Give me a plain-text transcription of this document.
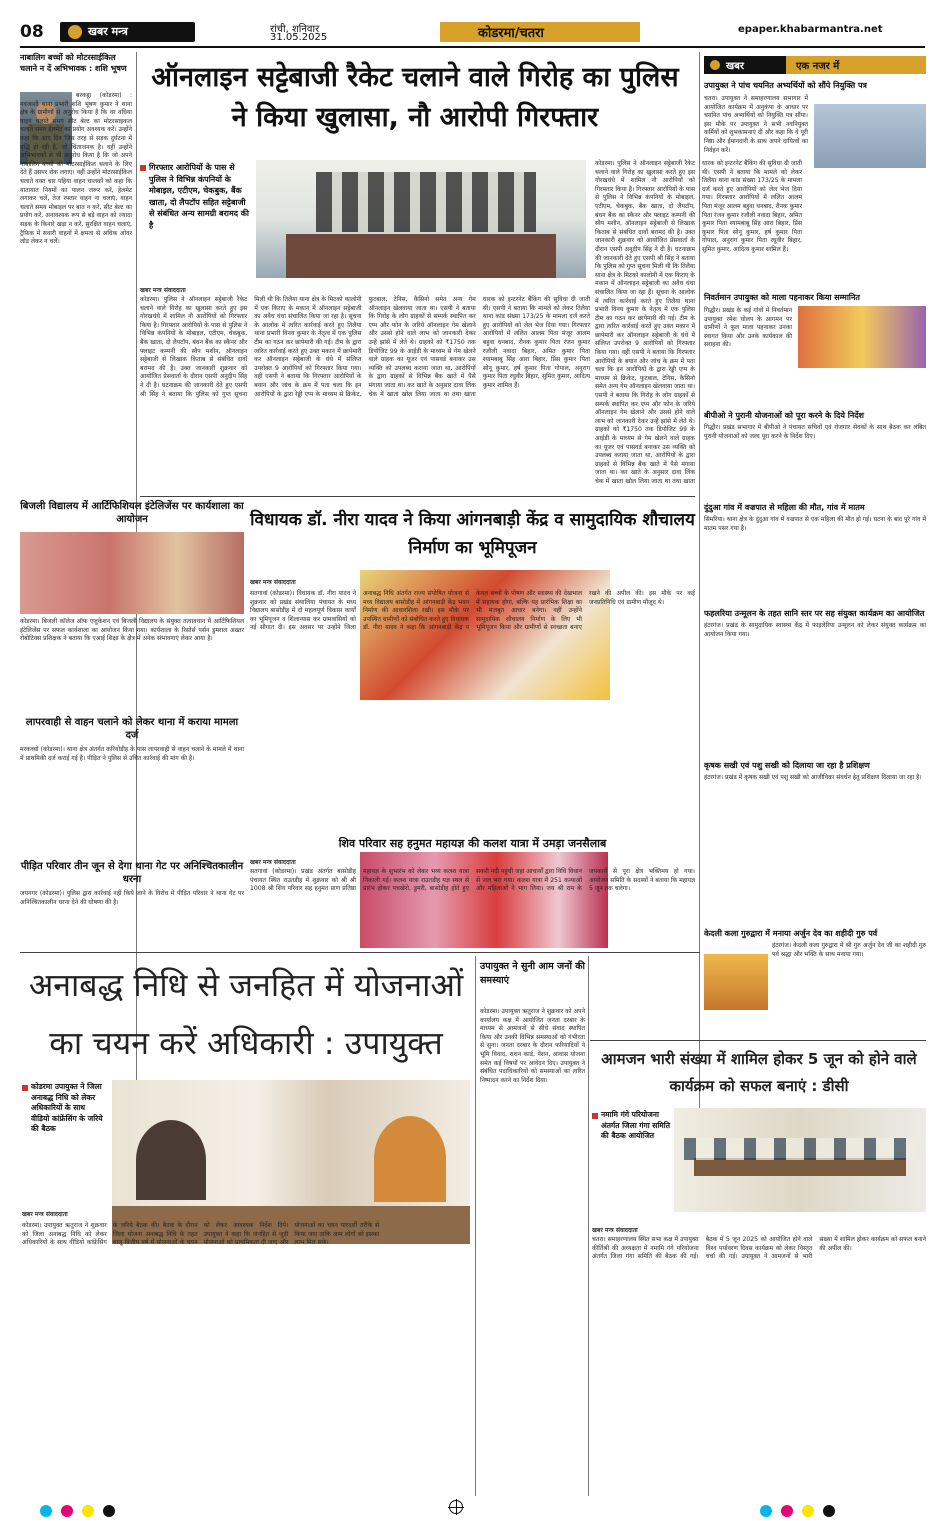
08	खबर मन्त्र	रांची, शनिवार
31.05.2025	कोडरमा/चतरा	epaper.khabarmantra.net
नाबालिग बच्चों को मोटरसाईकिल चलाने न दें अभिभावक : शशि भूषण
बरकट्ठा (कोडरमा) : नवजाशी थाना प्रभारी शशि भूषण कुमार ने थाना क्षेत्र के ग्रामीणों से अनुरोध किया है कि वर वधिया वाहन चलाते समय सीट बेल्ट का मोटरसाइकल चलाते समय हेलमेट का प्रयोग अवश्यक करें। उन्होंने कहा कि आए दिन जिस तरह से सड़क दुर्घटना में वृद्धि हो रही है, जो चिंताजनक है। वहीं उन्होंने अभिभावकों से भी अनुरोध किया है कि जो अपने नाबालिग बच्चों को मोटरसाईकिल चलाने के लिए देते हैं उसपर रोक लगाए। वहीं उन्होंने मोटरसाईकिल चलाते वक्त चार पहिया वाहन चालकों को कहा कि यातायात नियमों का पालन जरूर करें, हेलमेट लगाकर चलें, तेज रफ्तार वाहन ना चलाएं, वाहन चलाते समय मोबाइल पर बात न करें, सीट बेल्ट का प्रयोग करें, अनावश्यक रूप से बड़े वाहन को ज्यादा सड़क के किनारे खड़ा न करें, सुरक्षित वाहन चलाएं, ट्रैफ़िक में सवारी वाहनों में क्षमता से अधिक ओवर लोड लेकर न चलें।
बिजली विद्यालय में आर्टिफिशियल इंटेलिजेंस पर कार्यशाला का आयोजन
कोडरमा। बिजली कॉलेज ऑफ एजुकेशन एवं बिजली विद्यालय के संयुक्त तत्वावधान में आर्टिफिशियल इंटेलिजेंस पर सफल कार्यशाला का आयोजन किया गया। कार्यशाला के रिसोर्स पर्सन डुमराल अख्तर रोबोटिक्स प्रशिक्षक ने बताया कि एआई शिक्षा के क्षेत्र में अनेक संभावनाएं लेकर आया है।
लापरवाही से वाहन चलाने को लेकर थाना में कराया मामला दर्ज
मरकच्चो (कोडरमा)। थाना क्षेत्र अंतर्गत करियोडीह के पास लापरवाही से वाहन चलाने के मामले में थाना में प्राथमिकी दर्ज कराई गई है। पीड़ित ने पुलिस से उचित कार्रवाई की मांग की है।
पीड़ित परिवार तीन जून से देगा थाना गेट पर अनिश्चितकालीन धरना
जयनगर (कोडरमा)। पुलिस द्वारा कार्रवाई नहीं किये जाने के विरोध में पीड़ित परिवार ने थाना गेट पर अनिश्चितकालीन धरना देने की घोषणा की है।
ऑनलाइन सट्टेबाजी रैकेट चलाने वाले गिरोह का पुलिस ने किया खुलासा, नौ आरोपी गिरफ्तार
गिरफ्तार आरोपियों के पास से पुलिस ने विभिन्न कंपनियों के मोबाइल, एटीएम, चेकबुक, बैंक खाता, दो लैपटॉप सहित सट्टेबाजी से संबंधित अन्य सामग्री बरामद की है
खबर मन्त्र संवाददाता
कोडरमा। पुलिस ने ऑनलाइन सट्टेबाजी रैकेट चलाने वाले गिरोह का खुलासा करते हुए इस गोरखधंधे में शामिल नौ आरोपियों को गिरफ्तार किया है। गिरफ्तार आरोपियों के पास से पुलिस ने विभिन्न कंपनियों के मोबाइल, एटीएम, चेकबुक, बैंक खाता, दो लैपटॉप, बंधन बैंक का स्कैनर और फ्लाइट कम्पनी की स्वैप मशीन, ऑनलाइन सट्टेबाजी से लिखाक किताब से संबंधित दावों बरामद की है। उक्त जानकारी शुक्रवार को आयोजित प्रेसवार्ता के दौरान एसपी अनुदीप सिंह ने दी है। घटनाक्रम की जानकारी देते हुए एसपी श्री सिंह ने बताया कि पुलिस को गुप्त सूचना मिली थी कि तिलैया थाना क्षेत्र के मिटको कालोनी में एक किराए के मकान में ऑनलाइन सट्टेबाजी का अवैध धंधा संचालित किया जा रहा है। सूचना के आलोक में त्वरित कार्रवाई करते हुए तिलैया थाना प्रभारी विनय कुमार के नेतृत्व में एक पुलिस टीम का गठन कर छापेमारी की गई। टीम के द्वारा त्वरित कार्रवाई करते हुए उक्त मकान में छापेमारी कर ऑनलाइन सट्टेबाजी के धंधे में संलिप्त उपरोक्त 9 आरोपियों को गिरफ्तार किया गया। वहीं एसपी ने बताया कि गिरफ्तार आरोपियों के बयान और जांच के क्रम में पता चला कि इन आरोपियों के द्वारा रेड्डी एप्प के माध्यम से क्रिकेट, फुटबाल, टेनिस, कैसिनो समेत अन्य गेम ऑनलाइन खेलवाया जाता था। एसपी ने बताया कि गिरोह के लोग ग्राहकों से सम्पर्क स्थापित कर एप्प और फोन के जरिये ऑनलाइन गेम खेलाने और उससे होने वाले लाभ को जानकारी देकर उन्हें झांसे में लेते थे। ग्राहकों को ₹1750 तक डिपोजिट 99 के आईडी के माध्यम से गेम खेलने वाले ग्राहक का यूजर एवं पासवर्ड बनाकर उस व्यक्ति को उपलब्ध कराया जाता था, आरोपियों के द्वारा ग्राहकों से विभिन्न बैंक खाते में पैसे मंगाया जाता था। कर खाते के अनुसार दावा लिंक चेक में खाता खोल लिया जाता था तथा खाता धारक को इन्टरनेट बैंकिंग की सुविधा दी जाती थी। एसपी ने बताया कि मामले को लेकर तिलैया थाना कांड संख्या 173/25 के मामला दर्ज करते हुए आरोपियों को जेल भेज दिया गया। गिरफ्तार आरोपियों में ललित आलम पिता मंजूर आलम बहुवा धनबाद, रौनक कुमार पिता रंजन कुमार रजौली नवादा बिहार, अमित कुमार पिता श्यामबाबू सिंह आरा बिहार, प्रिंस कुमार पिता सोनू कुमार, हर्ष कुमार पिता गोपाल, अनुराग कुमार पिता रघुवीर बिहार, सुमित कुमार, आदित्य कुमार शामिल हैं।
कोडरमा। पुलिस ने ऑनलाइन सट्टेबाजी रैकेट चलाने वाले गिरोह का खुलासा करते हुए इस गोरखधंधे में शामिल नौ आरोपियों को गिरफ्तार किया है। गिरफ्तार आरोपियों के पास से पुलिस ने विभिन्न कंपनियों के मोबाइल, एटीएम, चेकबुक, बैंक खाता, दो लैपटॉप, बंधन बैंक का स्कैनर और फ्लाइट कम्पनी की स्वैप मशीन, ऑनलाइन सट्टेबाजी से लिखाक किताब से संबंधित दावों बरामद की है। उक्त जानकारी शुक्रवार को आयोजित प्रेसवार्ता के दौरान एसपी अनुदीप सिंह ने दी है। घटनाक्रम की जानकारी देते हुए एसपी श्री सिंह ने बताया कि पुलिस को गुप्त सूचना मिली थी कि तिलैया थाना क्षेत्र के मिटको कालोनी में एक किराए के मकान में ऑनलाइन सट्टेबाजी का अवैध धंधा संचालित किया जा रहा है। सूचना के आलोक में त्वरित कार्रवाई करते हुए तिलैया थाना प्रभारी विनय कुमार के नेतृत्व में एक पुलिस टीम का गठन कर छापेमारी की गई। टीम के द्वारा त्वरित कार्रवाई करते हुए उक्त मकान में छापेमारी कर ऑनलाइन सट्टेबाजी के धंधे में संलिप्त उपरोक्त 9 आरोपियों को गिरफ्तार किया गया। वहीं एसपी ने बताया कि गिरफ्तार आरोपियों के बयान और जांच के क्रम में पता चला कि इन आरोपियों के द्वारा रेड्डी एप्प के माध्यम से क्रिकेट, फुटबाल, टेनिस, कैसिनो समेत अन्य गेम ऑनलाइन खेलवाया जाता था। एसपी ने बताया कि गिरोह के लोग ग्राहकों से सम्पर्क स्थापित कर एप्प और फोन के जरिये ऑनलाइन गेम खेलाने और उससे होने वाले लाभ को जानकारी देकर उन्हें झांसे में लेते थे। ग्राहकों को ₹1750 तक डिपोजिट 99 के आईडी के माध्यम से गेम खेलने वाले ग्राहक का यूजर एवं पासवर्ड बनाकर उस व्यक्ति को उपलब्ध कराया जाता था, आरोपियों के द्वारा ग्राहकों से विभिन्न बैंक खाते में पैसे मंगाया जाता था। कर खाते के अनुसार दावा लिंक चेक में खाता खोल लिया जाता था तथा खाता धारक को इन्टरनेट बैंकिंग की सुविधा दी जाती थी। एसपी ने बताया कि मामले को लेकर तिलैया थाना कांड संख्या 173/25 के मामला दर्ज करते हुए आरोपियों को जेल भेज दिया गया। गिरफ्तार आरोपियों में ललित आलम पिता मंजूर आलम बहुवा धनबाद, रौनक कुमार पिता रंजन कुमार रजौली नवादा बिहार, अमित कुमार पिता श्यामबाबू सिंह आरा बिहार, प्रिंस कुमार पिता सोनू कुमार, हर्ष कुमार पिता गोपाल, अनुराग कुमार पिता रघुवीर बिहार, सुमित कुमार, आदित्य कुमार शामिल हैं।
विधायक डॉ. नीरा यादव ने किया आंगनबाड़ी केंद्र व सामुदायिक शौचालय निर्माण का भूमिपूजन
खबर मन्त्र संवाददाता
सतगावां (कोडरमा)। विधायक डॉ. नीरा यादव ने शुक्रवार को प्रखंड संथालिया पंचायत के मध्य विद्यालय बासोडीह में दो महत्वपूर्ण विकास कार्यों का भूमिपूजन व शिलान्यास कर ग्रामवासियों को नई सौगात दी। इस अवसर पर उन्होंने जिला अनाबद्ध निधि अंतर्गत राज्य संपोषित योजना से मध्य विद्यालय बासोडीह में आंगनबाड़ी केंद्र भवन निर्माण की आधारशिला रखी। इस मौके पर उपस्थित ग्रामीणों को संबोधित करते हुए विधायक डॉ. नीरा यादव ने कहा कि आंगनबाड़ी केंद्र न केवल बच्चों के पोषण और स्वास्थ्य की देखभाल में सहायक होगा, बल्कि यह प्रारंभिक शिक्षा का भी मजबूत आधार बनेगा। वहीं उन्होंने सामुदायिक शौचालय निर्माण के लिए भी भूमिपूजन किया और ग्रामीणों से स्वच्छता बनाए रखने की अपील की। इस मौके पर कई जनप्रतिनिधि एवं ग्रामीण मौजूद थे।
शिव परिवार सह हनुमत महायज्ञ की कलश यात्रा में उमड़ा जनसैलाब
खबर मन्त्र संवाददाता
सतगावां (कोडरमा)। प्रखंड अंतर्गत बासोडीह पंचायत स्थित राउतडीह में शुक्रवार को श्री श्री 1008 श्री शिव परिवार सह हनुमत प्राण प्रतिष्ठा महायज्ञ के शुभारंभ को लेकर भव्य कलश यात्रा निकाली गई। कलश यात्रा राउतडीह यज्ञ स्थल से प्रारंभ होकर पचखेरो, डुमरी, बासोडीह होते हुए सकरी नदी पहुंची जहां आचार्यों द्वारा विधि विधान से जल भरा गया। कलश यात्रा में 251 कन्याओं और महिलाओं ने भाग लिया। जय श्री राम के जयकारों से पूरा क्षेत्र भक्तिमय हो गया। आयोजन समिति के सदस्यों ने बताया कि महायज्ञ 5 जून तक चलेगा।
खबर	एक नजर में
उपायुक्त ने पांच चयनित अभ्यर्थियों को सौंपे नियुक्ति पत्र
चतरा। उपायुक्त ने समाहरणालय सभागार में आयोजित कार्यक्रम में अनुकंपा के आधार पर चयनित पांच अभ्यर्थियों को नियुक्ति पत्र सौंपा। इस मौके पर उपायुक्त ने सभी नवनियुक्त कर्मियों को शुभकामनाएं दीं और कहा कि वे पूरी निष्ठा और ईमानदारी के साथ अपने दायित्वों का निर्वहन करें।
निवर्तमान उपायुक्त को माला पहनाकर किया सम्मानित
गिद्धौर। प्रखंड के कई गांवों में निवर्तमान उपायुक्त रमेश घोलप के आगमन पर ग्रामीणों ने फूल माला पहनाकर उनका स्वागत किया और उनके कार्यकाल की सराहना की।
बीपीओ ने पुरानी योजनाओं को पूरा करने के दिये निर्देश
गिद्धौर। प्रखंड सभागार में बीपीओ ने पंचायत सचिवों एवं रोजगार सेवकों के साथ बैठक कर लंबित पुरानी योजनाओं को जल्द पूरा करने के निर्देश दिए।
दुंदुआ गांव में वज्रपात से महिला की मौत, गांव में मातम
सिमरिया। थाना क्षेत्र के दुंदुआ गांव में वज्रपात से एक महिला की मौत हो गई। घटना के बाद पूरे गांव में मातम पसर गया है।
फहलरिया उन्मूलन के तहत सानि स्तर पर सह संयुक्त कार्यक्रम का आयोजित
हंटरगंज। प्रखंड के सामुदायिक स्वास्थ्य केंद्र में फाइलेरिया उन्मूलन को लेकर संयुक्त कार्यक्रम का आयोजन किया गया।
कृषक सखी एवं पशु सखी को दिलाया जा रहा है प्रशिक्षण
हंटरगंज। प्रखंड में कृषक सखी एवं पशु सखी को आजीविका संवर्धन हेतु प्रशिक्षण दिलाया जा रहा है।
केदली कला गुरुद्वारा में मनाया अर्जुन देव का शहीदी गुरु पर्व
हंटरगंज। केदली कला गुरुद्वारा में श्री गुरु अर्जुन देव जी का शहीदी गुरु पर्व श्रद्धा और भक्ति के साथ मनाया गया।
अनाबद्ध निधि से जनहित में योजनाओं का चयन करें अधिकारी : उपायुक्त
कोडरमा उपायुक्त ने जिला अनाबद्ध निधि को लेकर अधिकारियों के साथ वीडियो कांफ्रेंसिंग के जरिये की बैठक
खबर मन्त्र संवाददाता
कोडरमा। उपायुक्त ऋतुराज ने शुक्रवार को जिला अनाबद्ध निधि को लेकर अधिकारियों के साथ वीडियो कांफ्रेंसिंग के जरिये बैठक की। बैठक के दौरान जिला योजना अनाबद्ध निधि के तहत चालू वित्तीय वर्ष में योजनाओं के चयन को लेकर आवश्यक निर्देश दिये। उपायुक्त ने कहा कि जनहित से जुड़ी योजनाओं को प्राथमिकता दी जाए और योजनाओं का चयन पारदर्शी तरीके से किया जाए ताकि आम लोगों को इसका लाभ मिल सके।
उपायुक्त ने सुनी आम जनों की समस्याएं
कोडरमा। उपायुक्त ऋतुराज ने शुक्रवार को अपने कार्यालय कक्ष में आयोजित जनता दरबार के माध्यम से आमजनों से सीधे संवाद स्थापित किया और उनकी विभिन्न समस्याओं को गंभीरता से सुना। जनता दरबार के दौरान फरियादियों ने भूमि विवाद, राशन कार्ड, पेंशन, आवास योजना समेत कई विषयों पर आवेदन दिए। उपायुक्त ने संबंधित पदाधिकारियों को समस्याओं का त्वरित निष्पादन करने का निर्देश दिया।
आमजन भारी संख्या में शामिल होकर 5 जून को होने वाले कार्यक्रम को सफल बनाएं : डीसी
नमामि गंगे परियोजना अंतर्गत जिला गंगा समिति की बैठक आयोजित
खबर मन्त्र संवाददाता
चतरा। समाहरणालय स्थित सभा कक्ष में उपायुक्त कीर्तिश्री की अध्यक्षता में नमामि गंगे परियोजना अंतर्गत जिला गंगा समिति की बैठक की गई। बैठक में 5 जून 2025 को आयोजित होने वाले विश्व पर्यावरण दिवस कार्यक्रम को लेकर विस्तृत चर्चा की गई। उपायुक्त ने आमजनों से भारी संख्या में शामिल होकर कार्यक्रम को सफल बनाने की अपील की।
